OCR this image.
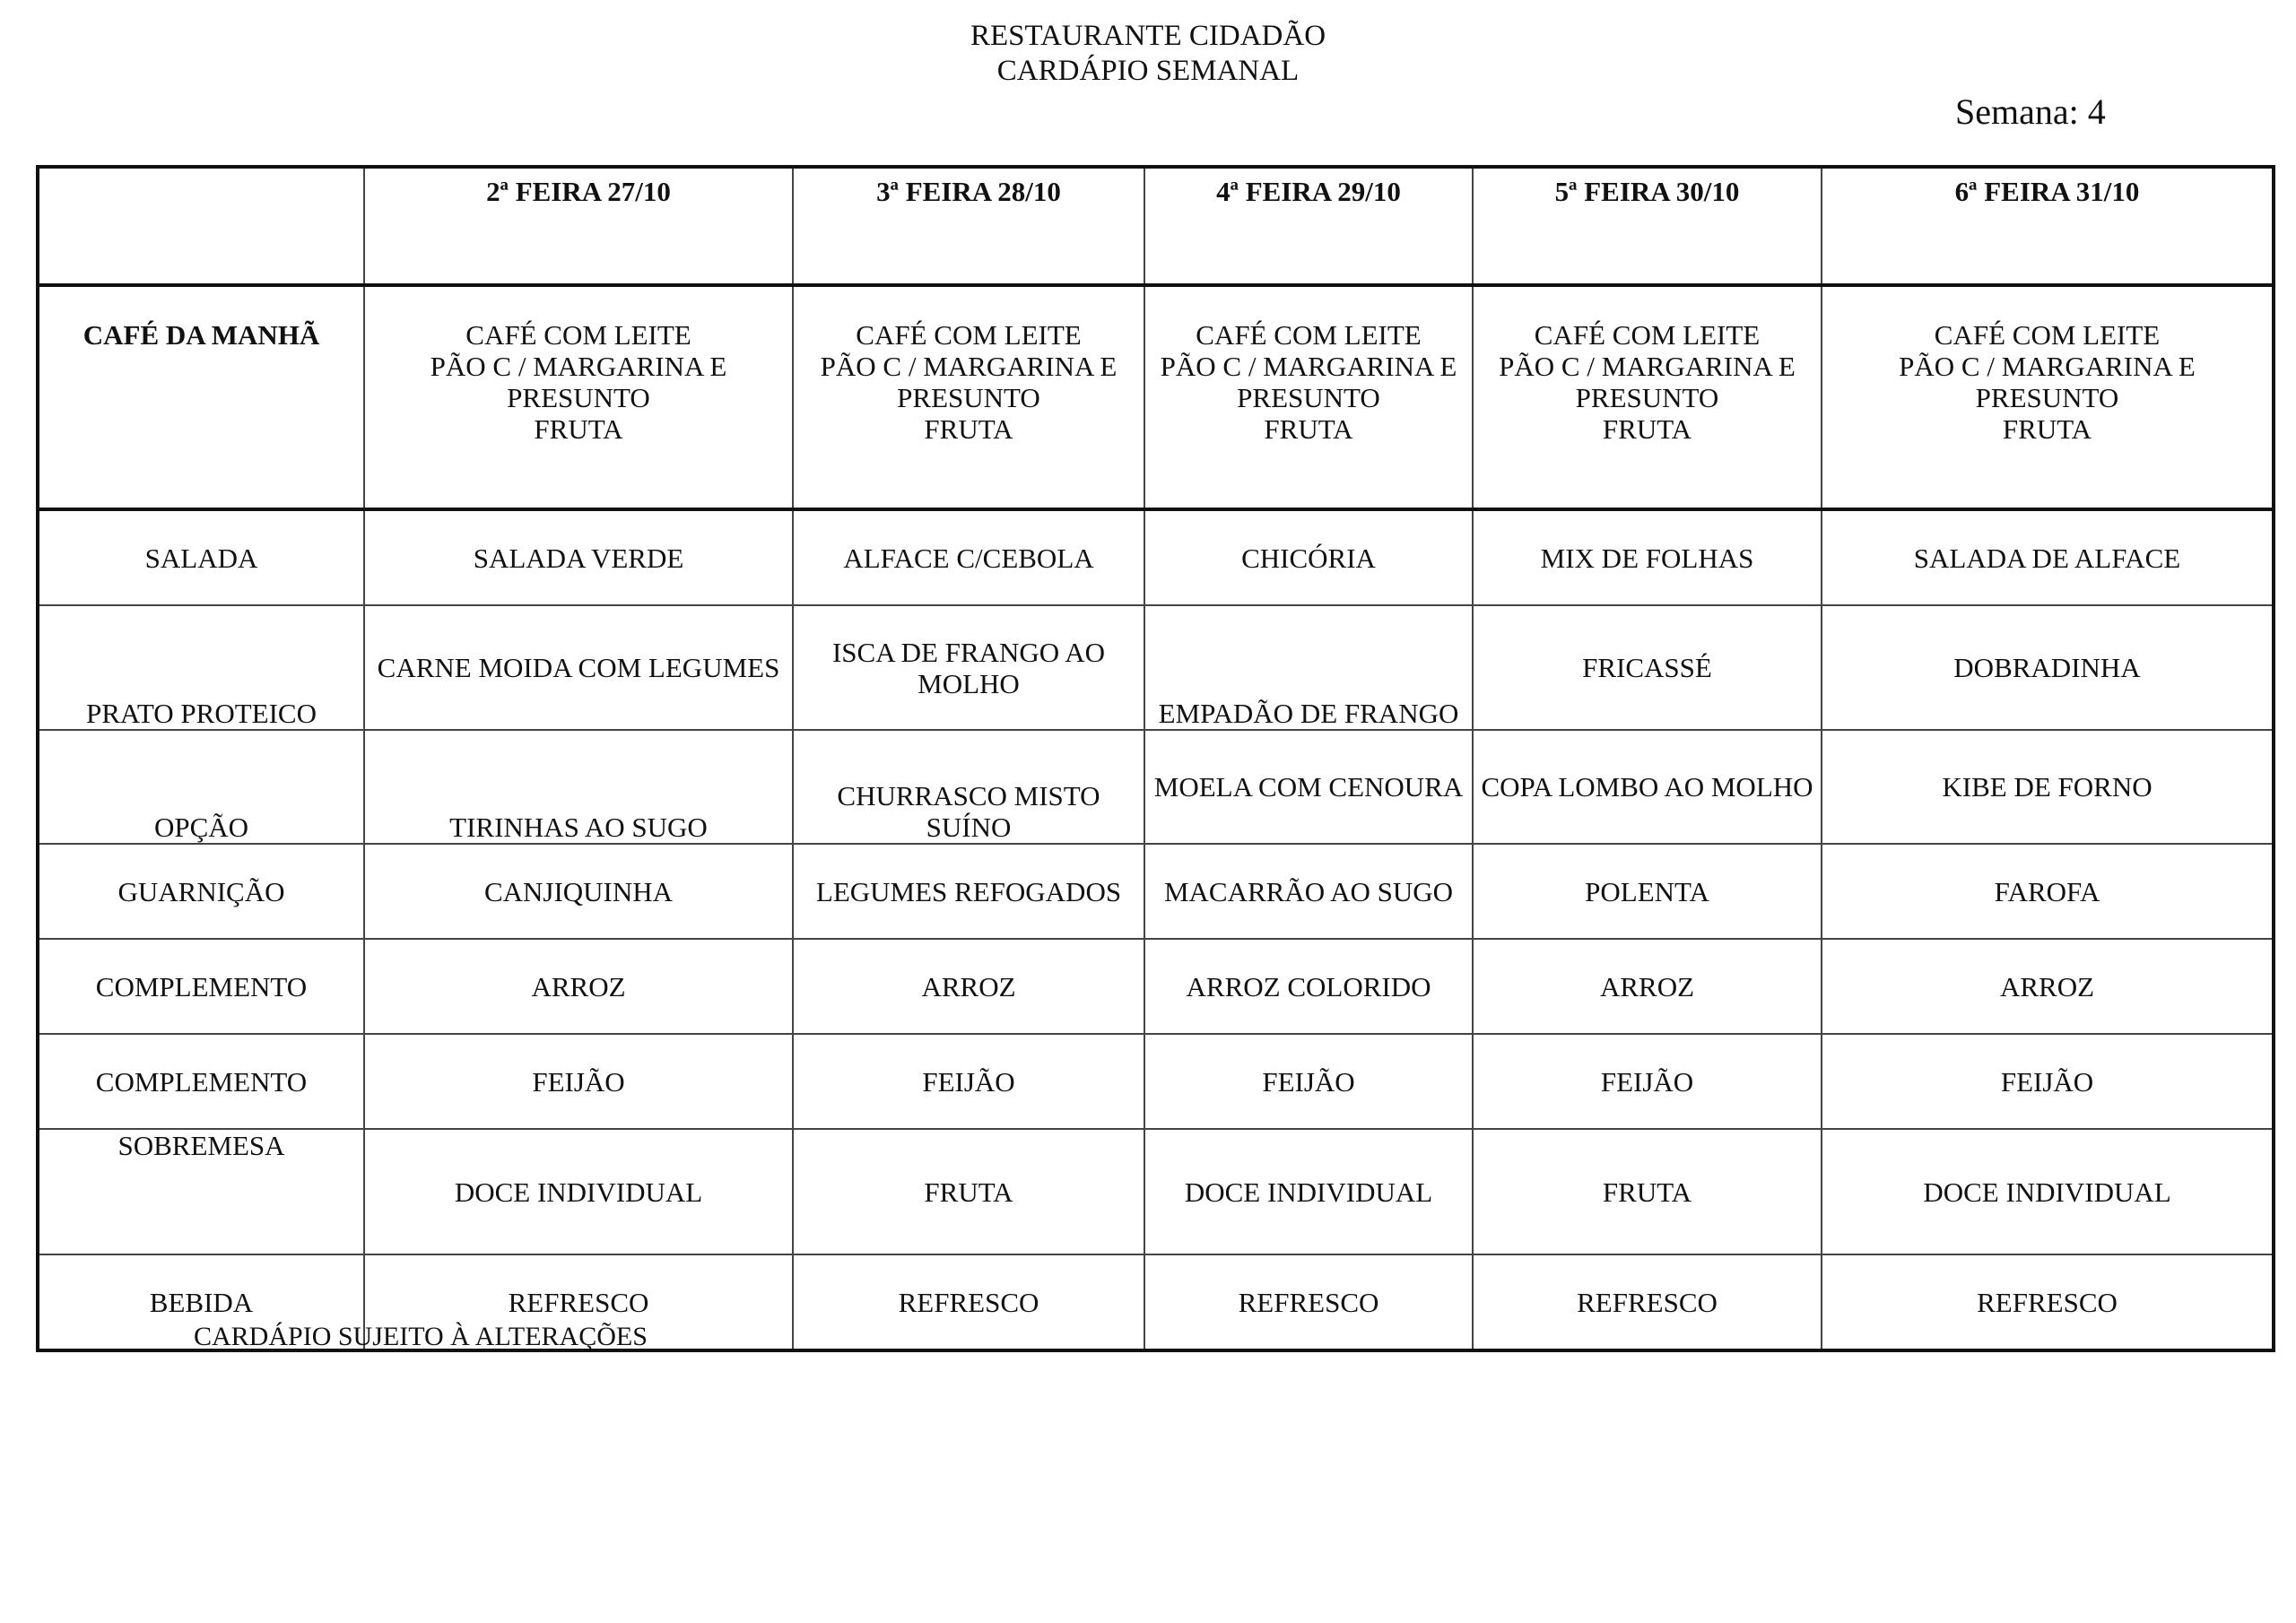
RESTAURANTE CIDADÃO
CARDÁPIO SEMANAL
Semana: 4
	2ª FEIRA 27/10	3ª FEIRA 28/10	4ª FEIRA 29/10	5ª FEIRA 30/10	6ª FEIRA 31/10
CAFÉ DA MANHÃ	CAFÉ COM LEITE
PÃO C / MARGARINA E
PRESUNTO
FRUTA	CAFÉ COM LEITE
PÃO C / MARGARINA E
PRESUNTO
FRUTA	CAFÉ COM LEITE
PÃO C / MARGARINA E
PRESUNTO
FRUTA	CAFÉ COM LEITE
PÃO C / MARGARINA E
PRESUNTO
FRUTA	CAFÉ COM LEITE
PÃO C / MARGARINA E
PRESUNTO
FRUTA

SALADA	SALADA VERDE	ALFACE C/CEBOLA	CHICÓRIA	MIX DE FOLHAS	SALADA DE ALFACE
PRATO PROTEICO	CARNE MOIDA COM LEGUMES	ISCA DE FRANGO AO MOLHO	EMPADÃO DE FRANGO	FRICASSÉ	DOBRADINHA
OPÇÃO	TIRINHAS AO SUGO	CHURRASCO MISTO SUÍNO	MOELA COM CENOURA	COPA LOMBO AO MOLHO	KIBE DE FORNO
GUARNIÇÃO	CANJIQUINHA	LEGUMES REFOGADOS	MACARRÃO AO SUGO	POLENTA	FAROFA
COMPLEMENTO	ARROZ	ARROZ	ARROZ COLORIDO	ARROZ	ARROZ
COMPLEMENTO	FEIJÃO	FEIJÃO	FEIJÃO	FEIJÃO	FEIJÃO
SOBREMESA	DOCE INDIVIDUAL	FRUTA	DOCE INDIVIDUAL	FRUTA	DOCE INDIVIDUAL
BEBIDA	REFRESCO	REFRESCO	REFRESCO	REFRESCO	REFRESCO
CARDÁPIO SUJEITO À ALTERAÇÕES
